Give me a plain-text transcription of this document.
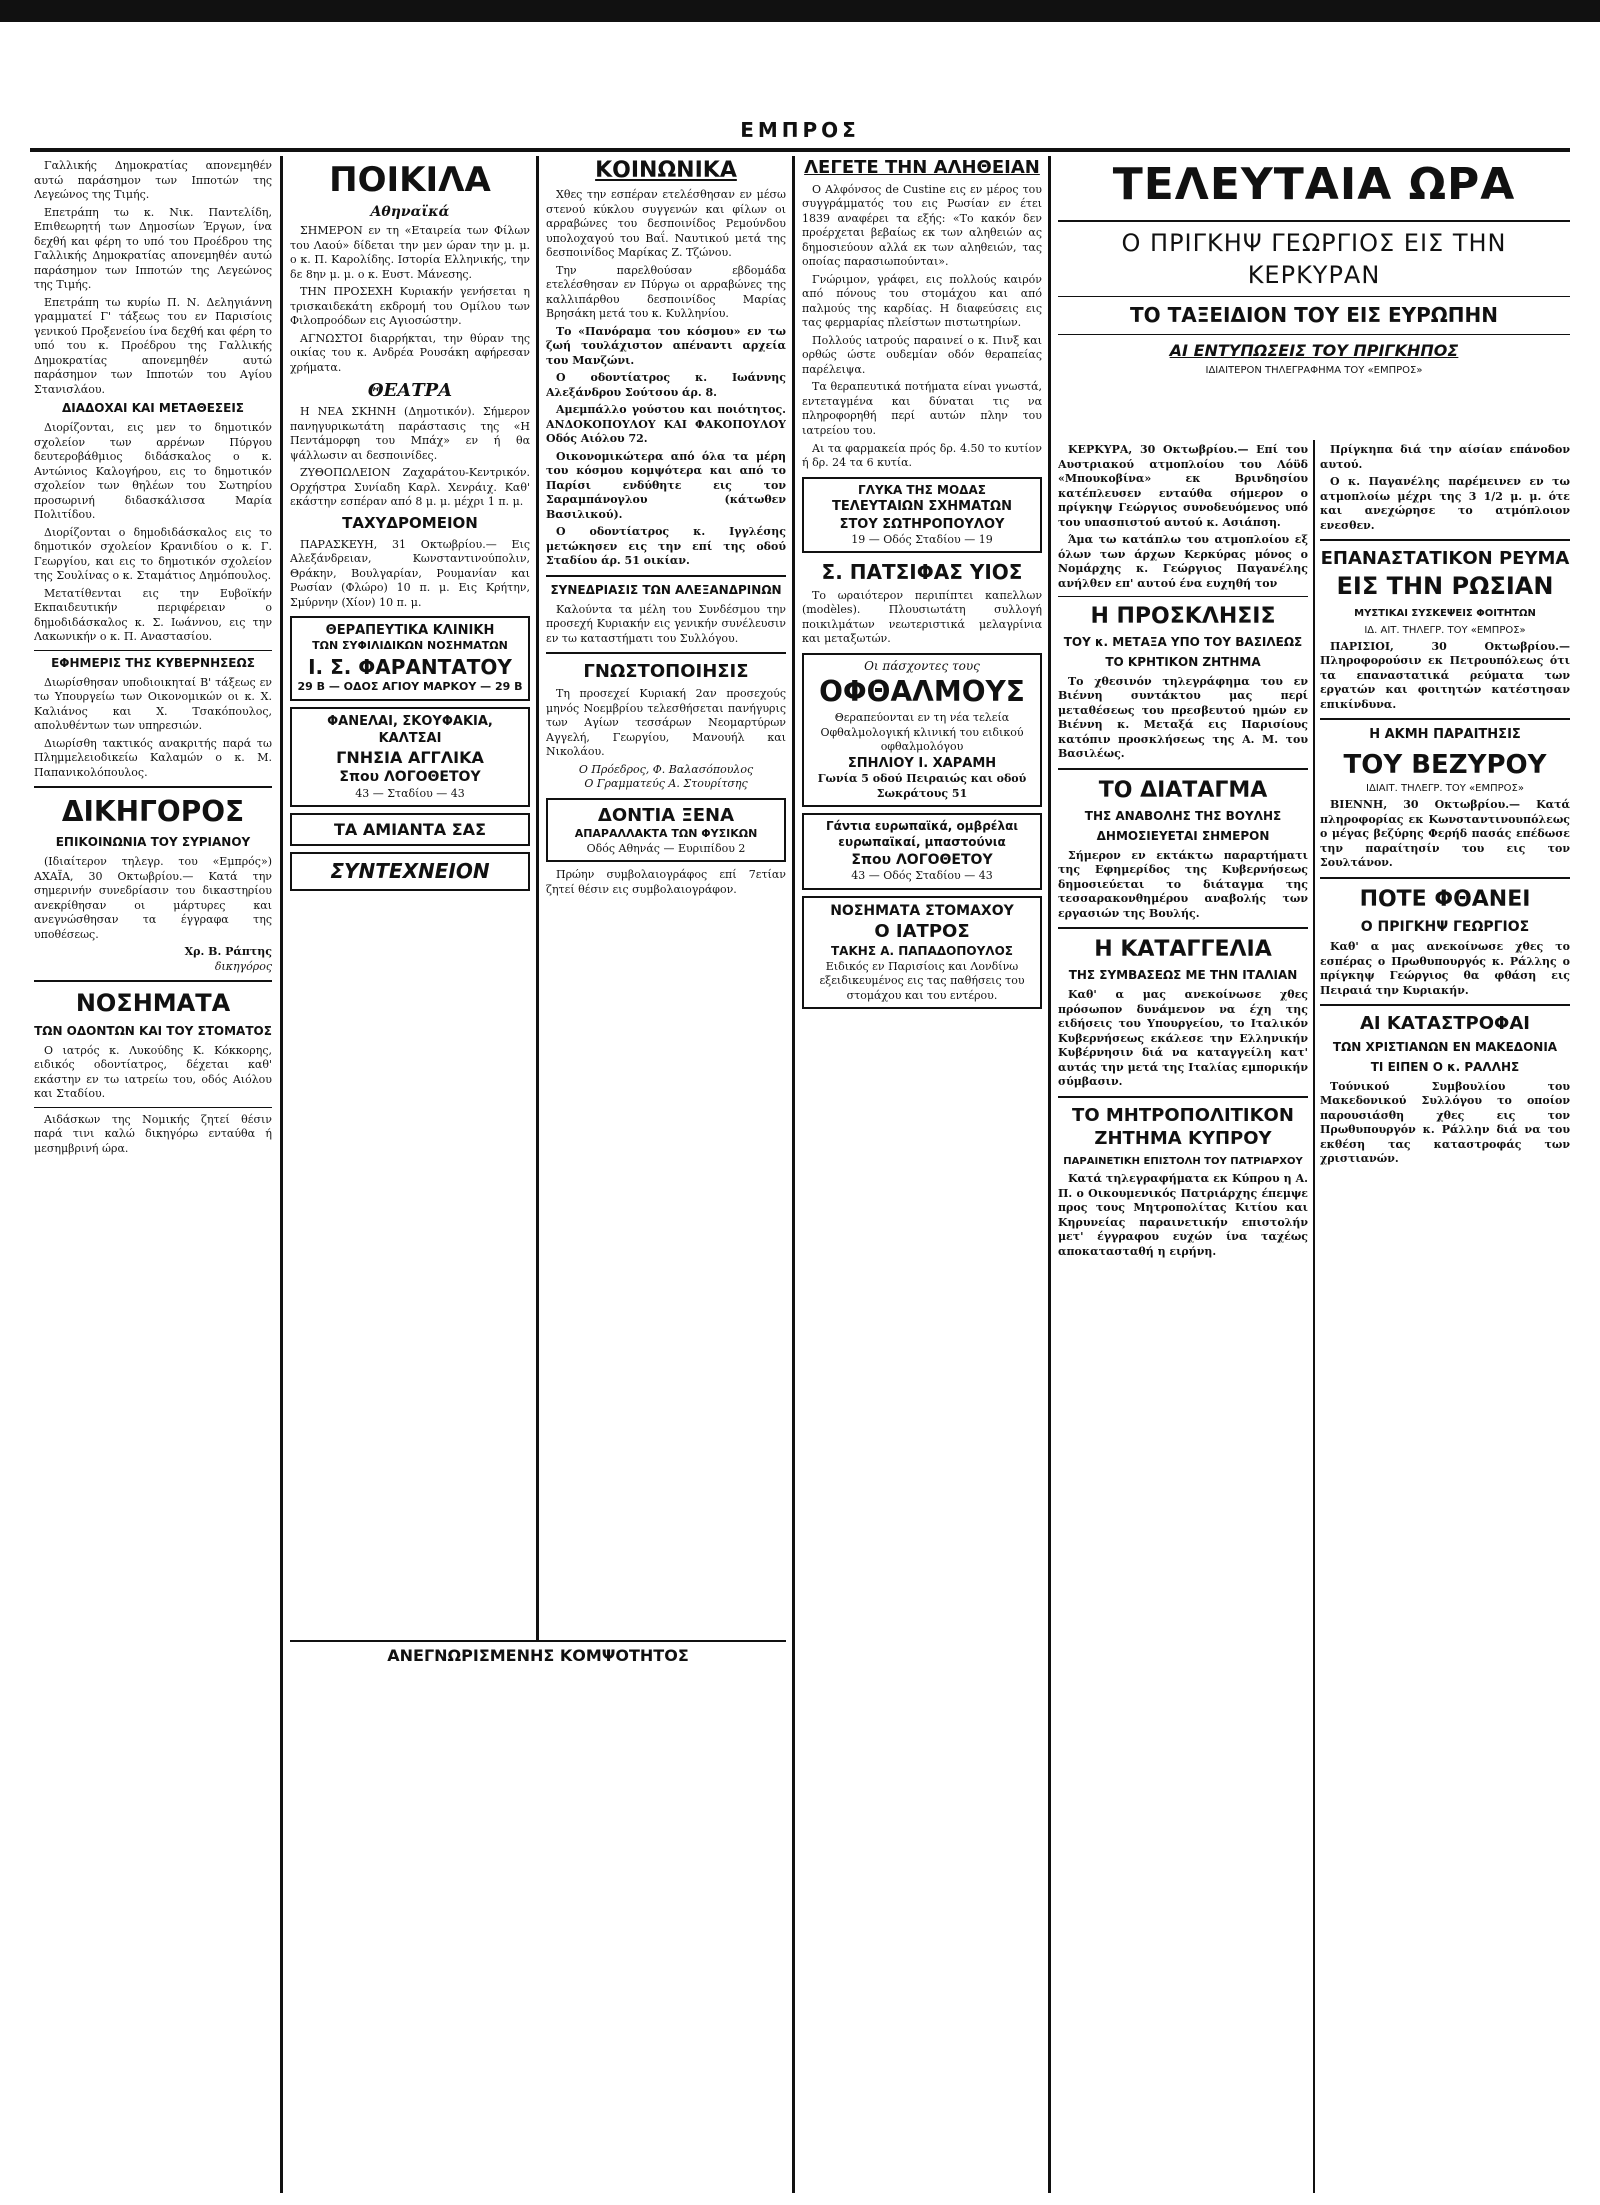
ΕΜΠΡΟΣ

Γαλλικής Δημοκρατίας απονεμηθέν αυτώ παράσημον των Ιπποτών της Λεγεώνος της Τιμής.

Επετράπη τω κ. Νικ. Παντελίδη, Επιθεωρητή των Δημοσίων Έργων, ίνα δεχθή και φέρη το υπό του Προέδρου της Γαλλικής Δημοκρατίας απονεμηθέν αυτώ παράσημον των Ιπποτών της Λεγεώνος της Τιμής.

Επετράπη τω κυρίω Π. Ν. Δεληγιάννη γραμματεί Γ' τάξεως του εν Παρισίοις γενικού Προξενείου ίνα δεχθή και φέρη το υπό του κ. Προέδρου της Γαλλικής Δημοκρατίας απονεμηθέν αυτώ παράσημον των Ιπποτών του Αγίου Στανισλάου.

ΔΙΑΔΟΧΑΙ ΚΑΙ ΜΕΤΑΘΕΣΕΙΣ

Διορίζονται, εις μεν το δημοτικόν σχολείον των αρρένων Πύργου δευτεροβάθμιος διδάσκαλος ο κ. Αντώνιος Καλογήρου, εις το δημοτικόν σχολείον των θηλέων του Σωτηρίου προσωρινή διδασκάλισσα Μαρία Πολιτίδου.

Διορίζονται ο δημοδιδάσκαλος εις το δημοτικόν σχολείον Κρανιδίου ο κ. Γ. Γεωργίου, και εις το δημοτικόν σχολείον της Σουλίνας ο κ. Σταμάτιος Δημόπουλος.

Μετατίθενται εις την Ευβοϊκήν Εκπαιδευτικήν περιφέρειαν ο δημοδιδάσκαλος κ. Σ. Ιωάννου, εις την Λακωνικήν ο κ. Π. Αναστασίου.

ΕΦΗΜΕΡΙΣ ΤΗΣ ΚΥΒΕΡΝΗΣΕΩΣ

Διωρίσθησαν υποδιοικηταί Β' τάξεως εν τω Υπουργείω των Οικονομικών οι κ. Χ. Καλιάνος και Χ. Τσακόπουλος, απολυθέντων των υπηρεσιών.

Διωρίσθη τακτικός ανακριτής παρά τω Πλημμελειοδικείω Καλαμών ο κ. Μ. Παπανικολόπουλος.

ΔΙΚΗΓΟΡΟΣ
ΕΠΙΚΟΙΝΩΝΙΑ ΤΟΥ ΣΥΡΙΑΝΟΥ

(Ιδιαίτερον τηλεγρ. του «Εμπρός») ΑΧΑΪΑ, 30 Οκτωβρίου.— Κατά την σημερινήν συνεδρίασιν του δικαστηρίου ανεκρίθησαν οι μάρτυρες και ανεγνώσθησαν τα έγγραφα της υποθέσεως.

Χρ. Β. Ράπτης
δικηγόρος
ΝΟΣΗΜΑΤΑ
ΤΩΝ ΟΔΟΝΤΩΝ ΚΑΙ ΤΟΥ ΣΤΟΜΑΤΟΣ

Ο ιατρός κ. Λυκούδης Κ. Κόκκορης, ειδικός οδοντίατρος, δέχεται καθ' εκάστην εν τω ιατρείω του, οδός Αιόλου και Σταδίου.

Αιδάσκων της Νομικής ζητεί θέσιν παρά τινι καλώ δικηγόρω ενταύθα ή μεσημβρινή ώρα.

ΠΟΙΚΙΛΑ
Αθηναϊκά

ΣΗΜΕΡΟΝ εν τη «Εταιρεία των Φίλων του Λαού» δίδεται την μεν ώραν την μ. μ. ο κ. Π. Καρολίδης. Ιστορία Ελληνικής, την δε 8ην μ. μ. ο κ. Ευστ. Μάνεσης.

ΤΗΝ ΠΡΟΣΕΧΗ Κυριακήν γενήσεται η τρισκαιδεκάτη εκδρομή του Ομίλου των Φιλοπροόδων εις Αγιοσώστην.

ΑΓΝΩΣΤΟΙ διαρρήκται, την θύραν της οικίας του κ. Ανδρέα Ρουσάκη αφήρεσαν χρήματα.

ΘΕΑΤΡΑ

Η ΝΕΑ ΣΚΗΝΗ (Δημοτικόν). Σήμερον πανηγυρικωτάτη παράστασις της «Η Πεντάμορφη του Μπάχ» εν ή θα ψάλλωσιν αι δεσποινίδες.

ΖΥΘΟΠΩΛΕΙΟΝ Ζαχαράτου-Κεντρικόν. Ορχήστρα Συνίαδη Καρλ. Χενράιχ. Καθ' εκάστην εσπέραν από 8 μ. μ. μέχρι 1 π. μ.

ΤΑΧΥΔΡΟΜΕΙΟΝ

ΠΑΡΑΣΚΕΥΗ, 31 Οκτωβρίου.— Εις Αλεξάνδρειαν, Κωνσταντινούπολιν, Θράκην, Βουλγαρίαν, Ρουμανίαν και Ρωσίαν (Φλώρο) 10 π. μ. Εις Κρήτην, Σμύρνην (Χίον) 10 π. μ.

ΘΕΡΑΠΕΥΤΙΚΑ ΚΛΙΝΙΚΗ
ΤΩΝ ΣΥΦΙΛΙΔΙΚΩΝ ΝΟΣΗΜΑΤΩΝ
Ι. Σ. ΦΑΡΑΝΤΑΤΟΥ
29 Β — ΟΔΟΣ ΑΓΙΟΥ ΜΑΡΚΟΥ — 29 Β
ΦΑΝΕΛΑΙ, ΣΚΟΥΦΑΚΙΑ, ΚΑΛΤΣΑΙ
ΓΝΗΣΙΑ ΑΓΓΛΙΚΑ
Σπου ΛΟΓΟΘΕΤΟΥ
43 — Σταδίου — 43
ΤΑ ΑΜΙΑΝΤΑ ΣΑΣ
ΣΥΝΤΕΧΝΕΙΟΝ
ΚΟΙΝΩΝΙΚΑ

Χθες την εσπέραν ετελέσθησαν εν μέσω στενού κύκλου συγγενών και φίλων οι αρραβώνες του δεσποινίδος Ρεμούνδου υπολοχαγού του Βαΐ. Ναυτικού μετά της δεσποινίδος Μαρίκας Ζ. Τζώνου.

Την παρελθούσαν εβδομάδα ετελέσθησαν εν Πύργω οι αρραβώνες της καλλιπάρθου δεσποινίδος Μαρίας Βρησάκη μετά του κ. Κυλληνίου.

Το «Πανόραμα του κόσμου» εν τω ζωή τουλάχιστον απέναντι αρχεία του Μανζώνι.

Ο οδοντίατρος κ. Ιωάννης Αλεξάνδρου Σούτσου άρ. 8.

Αμεμπάλλο γούστου και ποιότητος. ΑΝΔΟΚΟΠΟΥΛΟΥ ΚΑΙ ΦΑΚΟΠΟΥΛΟΥ Οδός Αιόλου 72.

Οικονομικώτερα από όλα τα μέρη του κόσμου κομψότερα και από το Παρίσι ενδύθητε εις τον Σαραμπάνογλου (κάτωθεν Βασιλικού).

Ο οδοντίατρος κ. Ιγγλέσης μετώκησεν εις την επί της οδού Σταδίου άρ. 51 οικίαν.

ΣΥΝΕΔΡΙΑΣΙΣ ΤΩΝ ΑΛΕΞΑΝΔΡΙΝΩΝ

Καλούντα τα μέλη του Συνδέσμου την προσεχή Κυριακήν εις γενικήν συνέλευσιν εν τω καταστήματι του Συλλόγου.

ΓΝΩΣΤΟΠΟΙΗΣΙΣ

Τη προσεχεί Κυριακή 2αν προσεχούς μηνός Νοεμβρίου τελεσθήσεται πανήγυρις των Αγίων τεσσάρων Νεομαρτύρων Αγγελή, Γεωργίου, Μανουήλ και Νικολάου.

Ο Πρόεδρος, Φ. Βαλασόπουλος
Ο Γραμματεύς Α. Στουρίτσης
ΔΟΝΤΙΑ ΞΕΝΑ
ΑΠΑΡΑΛΛΑΚΤΑ ΤΩΝ ΦΥΣΙΚΩΝ
Οδός Αθηνάς — Ευριπίδου 2

Πρώην συμβολαιογράφος επί 7ετίαν ζητεί θέσιν εις συμβολαιογράφον.

ΛΕΓΕΤΕ ΤΗΝ ΑΛΗΘΕΙΑΝ

Ο Αλφόνσος de Custine εις εν μέρος του συγγράμματός του εις Ρωσίαν εν έτει 1839 αναφέρει τα εξής: «Το κακόν δεν προέρχεται βεβαίως εκ των αληθειών ας δημοσιεύουν αλλά εκ των αληθειών, τας οποίας παρασιωπούνται».

Γνώριμον, γράφει, εις πολλούς καιρόν από πόνους του στομάχου και από παλμούς της καρδίας. Η διαφεύσεις εις τας φερμαρίας πλείστων πιστωτηρίων.

Πολλούς ιατρούς παραινεί ο κ. Πινξ και ορθώς ώστε ουδεμίαν οδόν θεραπείας παρέλειψα.

Τα θεραπευτικά ποτήματα είναι γνωστά, εντεταγμένα και δύναται τις να πληροφορηθή περί αυτών πλην του ιατρείου του.

Αι τα φαρμακεία πρός δρ. 4.50 το κυτίον ή δρ. 24 τα 6 κυτία.

ΓΛΥΚΑ ΤΗΣ ΜΟΔΑΣ
ΤΕΛΕΥΤΑΙΩΝ ΣΧΗΜΑΤΩΝ
ΣΤΟΥ ΣΩΤΗΡΟΠΟΥΛΟΥ
19 — Οδός Σταδίου — 19
Σ. ΠΑΤΣΙΦΑΣ ΥΙΟΣ

Το ωραιότερον περιπίπτει καπελλων (modèles). Πλουσιωτάτη συλλογή ποικιλμάτων νεωτεριστικά μελαγρίνια και μεταξωτών.

Οι πάσχοντες τους
ΟΦΘΑΛΜΟΥΣ
Θεραπεύονται εν τη νέα τελεία Οφθαλμολογική κλινική του ειδικού οφθαλμολόγου
ΣΠΗΛΙΟΥ Ι. ΧΑΡΑΜΗ
Γωνία 5 οδού Πειραιώς και οδού Σωκράτους 51
Γάντια ευρωπαϊκά, ομβρέλαι ευρωπαϊκαί, μπαστούνια
Σπου ΛΟΓΟΘΕΤΟΥ
43 — Οδός Σταδίου — 43
ΝΟΣΗΜΑΤΑ ΣΤΟΜΑΧΟΥ
Ο ΙΑΤΡΟΣ
ΤΑΚΗΣ Α. ΠΑΠΑΔΟΠΟΥΛΟΣ
Ειδικός εν Παρισίοις και Λονδίνω εξειδικευμένος εις τας παθήσεις του στομάχου και του εντέρου.
ΤΕΛΕΥΤΑΙΑ ΩΡΑ
Ο ΠΡΙΓΚΗΨ ΓΕΩΡΓΙΟΣ ΕΙΣ ΤΗΝ ΚΕΡΚΥΡΑΝ
ΤΟ ΤΑΞΕΙΔΙΟΝ ΤΟΥ ΕΙΣ ΕΥΡΩΠΗΝ
ΑΙ ΕΝΤΥΠΩΣΕΙΣ ΤΟΥ ΠΡΙΓΚΗΠΟΣ
ΙΔΙΑΙΤΕΡΟΝ ΤΗΛΕΓΡΑΦΗΜΑ ΤΟΥ «ΕΜΠΡΟΣ»

ΚΕΡΚΥΡΑ, 30 Οκτωβρίου.— Επί του Αυστριακού ατμοπλοίου του Λόϋδ «Μπουκοβίνα» εκ Βρινδησίου κατέπλευσεν ενταύθα σήμερον ο πρίγκηψ Γεώργιος συνοδευόμενος υπό του υπασπιστού αυτού κ. Ασιάπση.

Άμα τω κατάπλω του ατμοπλοίου εξ όλων των άρχων Κερκύρας μόνος ο Νομάρχης κ. Γεώργιος Παγανέλης ανήλθεν επ' αυτού ένα ευχηθή τον

Η ΠΡΟΣΚΛΗΣΙΣ
ΤΟΥ κ. ΜΕΤΑΞΑ ΥΠΟ ΤΟΥ ΒΑΣΙΛΕΩΣ
ΤΟ ΚΡΗΤΙΚΟΝ ΖΗΤΗΜΑ

Το χθεσινόν τηλεγράφημα του εν Βιέννη συντάκτου μας περί μεταθέσεως του πρεσβευτού ημών εν Βιέννη κ. Μεταξά εις Παρισίους κατόπιν προσκλήσεως της Α. Μ. του Βασιλέως.

ΤΟ ΔΙΑΤΑΓΜΑ
ΤΗΣ ΑΝΑΒΟΛΗΣ ΤΗΣ ΒΟΥΛΗΣ
ΔΗΜΟΣΙΕΥΕΤΑΙ ΣΗΜΕΡΟΝ

Σήμερον εν εκτάκτω παραρτήματι της Εφημερίδος της Κυβερνήσεως δημοσιεύεται το διάταγμα της τεσσαρακονθημέρου αναβολής των εργασιών της Βουλής.

Η ΚΑΤΑΓΓΕΛΙΑ
ΤΗΣ ΣΥΜΒΑΣΕΩΣ ΜΕ ΤΗΝ ΙΤΑΛΙΑΝ

Καθ' α μας ανεκοίνωσε χθες πρόσωπον δυνάμενον να έχη της ειδήσεις του Υπουργείου, το Ιταλικόν Κυβερνήσεως εκάλεσε την Ελληνικήν Κυβέρνησιν διά να καταγγείλη κατ' αυτάς την μετά της Ιταλίας εμπορικήν σύμβασιν.

ΤΟ ΜΗΤΡΟΠΟΛΙΤΙΚΟΝ
ΖΗΤΗΜΑ ΚΥΠΡΟΥ
ΠΑΡΑΙΝΕΤΙΚΗ ΕΠΙΣΤΟΛΗ ΤΟΥ ΠΑΤΡΙΑΡΧΟΥ

Κατά τηλεγραφήματα εκ Κύπρου η Α. Π. ο Οικουμενικός Πατριάρχης έπεμψε προς τους Μητροπολίτας Κιτίου και Κηρυνείας παραινετικήν επιστολήν μετ' έγγραφου ευχών ίνα ταχέως αποκατασταθή η ειρήνη.

Πρίγκηπα διά την αίσίαν επάνοδον αυτού.

Ο κ. Παγανέλης παρέμεινεν εν τω ατμοπλοίω μέχρι της 3 1/2 μ. μ. ότε και ανεχώρησε το ατμόπλοιον ενεσθεν.

ΕΠΑΝΑΣΤΑΤΙΚΟΝ ΡΕΥΜΑ
ΕΙΣ ΤΗΝ ΡΩΣΙΑΝ
ΜΥΣΤΙΚΑΙ ΣΥΣΚΕΨΕΙΣ ΦΟΙΤΗΤΩΝ
ΙΔ. ΑΙΤ. ΤΗΛΕΓΡ. ΤΟΥ «ΕΜΠΡΟΣ»

ΠΑΡΙΣΙΟΙ, 30 Οκτωβρίου.— Πληροφορούσιν εκ Πετρουπόλεως ότι τα επαναστατικά ρεύματα των εργατών και φοιτητών κατέστησαν επικίνδυνα.

Η ΑΚΜΗ ΠΑΡΑΙΤΗΣΙΣ
ΤΟΥ ΒΕΖΥΡΟΥ
ΙΔΙΑΙΤ. ΤΗΛΕΓΡ. ΤΟΥ «ΕΜΠΡΟΣ»

ΒΙΕΝΝΗ, 30 Οκτωβρίου.— Κατά πληροφορίας εκ Κωνσταντινουπόλεως ο μέγας βεζύρης Φερήδ πασάς επέδωσε την παραίτησίν του εις τον Σουλτάνον.

ΠΟΤΕ ΦΘΑΝΕΙ
Ο ΠΡΙΓΚΗΨ ΓΕΩΡΓΙΟΣ

Καθ' α μας ανεκοίνωσε χθες το εσπέρας ο Πρωθυπουργός κ. Ράλλης ο πρίγκηψ Γεώργιος θα φθάση εις Πειραιά την Κυριακήν.

ΑΙ ΚΑΤΑΣΤΡΟΦΑΙ
ΤΩΝ ΧΡΙΣΤΙΑΝΩΝ ΕΝ ΜΑΚΕΔΟΝΙΑ
ΤΙ ΕΙΠΕΝ Ο κ. ΡΑΛΛΗΣ

Τούνικού Συμβουλίου του Μακεδονικού Συλλόγου το οποίον παρουσιάσθη χθες εις τον Πρωθυπουργόν κ. Ράλλην διά να του εκθέση τας καταστροφάς των χριστιανών.

ΑΝΕΓΝΩΡΙΣΜΕΝΗΣ ΚΟΜΨΟΤΗΤΟΣ
